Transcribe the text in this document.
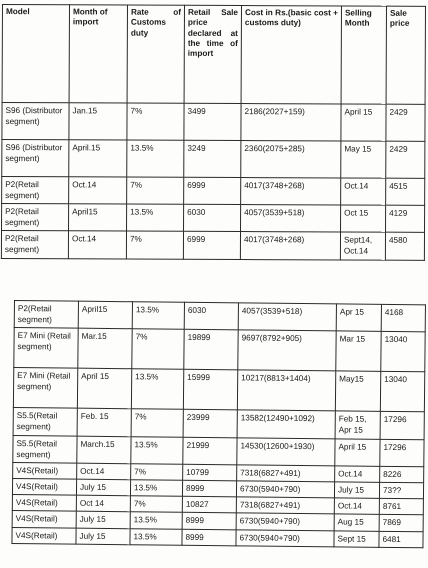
Model	Month of import	Rate of Customs duty	Retail Sale price declared at the time of import	Cost in Rs.(basic cost + customs duty)	Selling Month	Sale price
S96 (Distributor segment)	Jan.15	7%	3499	2186(2027+159)	April 15	2429
S96 (Distributor segment)	April.15	13.5%	3249	2360(2075+285)	May 15	2429
P2(Retail segment)	Oct.14	7%	6999	4017(3748+268)	Oct.14	4515
P2(Retail segment)	April15	13.5%	6030	4057(3539+518)	Oct 15	4129
P2(Retail segment)	Oct.14	7%	6999	4017(3748+268)	Sept14, Oct.14	4580
P2(Retail segment)	April15	13.5%	6030	4057(3539+518)	Apr 15	4168
E7 Mini (Retail segment)	Mar.15	7%	19899	9697(8792+905)	Mar 15	13040
E7 Mini (Retail segment)	April 15	13.5%	15999	10217(8813+1404)	May15	13040
S5.5(Retail segment)	Feb. 15	7%	23999	13582(12490+1092)	Feb 15, Apr 15	17296
S5.5(Retail segment)	March.15	13.5%	21999	14530(12600+1930)	April 15	17296
V4S(Retail)	Oct.14	7%	10799	7318(6827+491)	Oct.14	8226
V4S(Retail)	July 15	13.5%	8999	6730(5940+790)	July 15	73??
V4S(Retail)	Oct 14	7%	10827	7318(6827+491)	Oct.14	8761
V4S(Retail)	July 15	13.5%	8999	6730(5940+790)	Aug 15	7869
V4S(Retail)	July 15	13.5%	8999	6730(5940+790)	Sept 15	6481
